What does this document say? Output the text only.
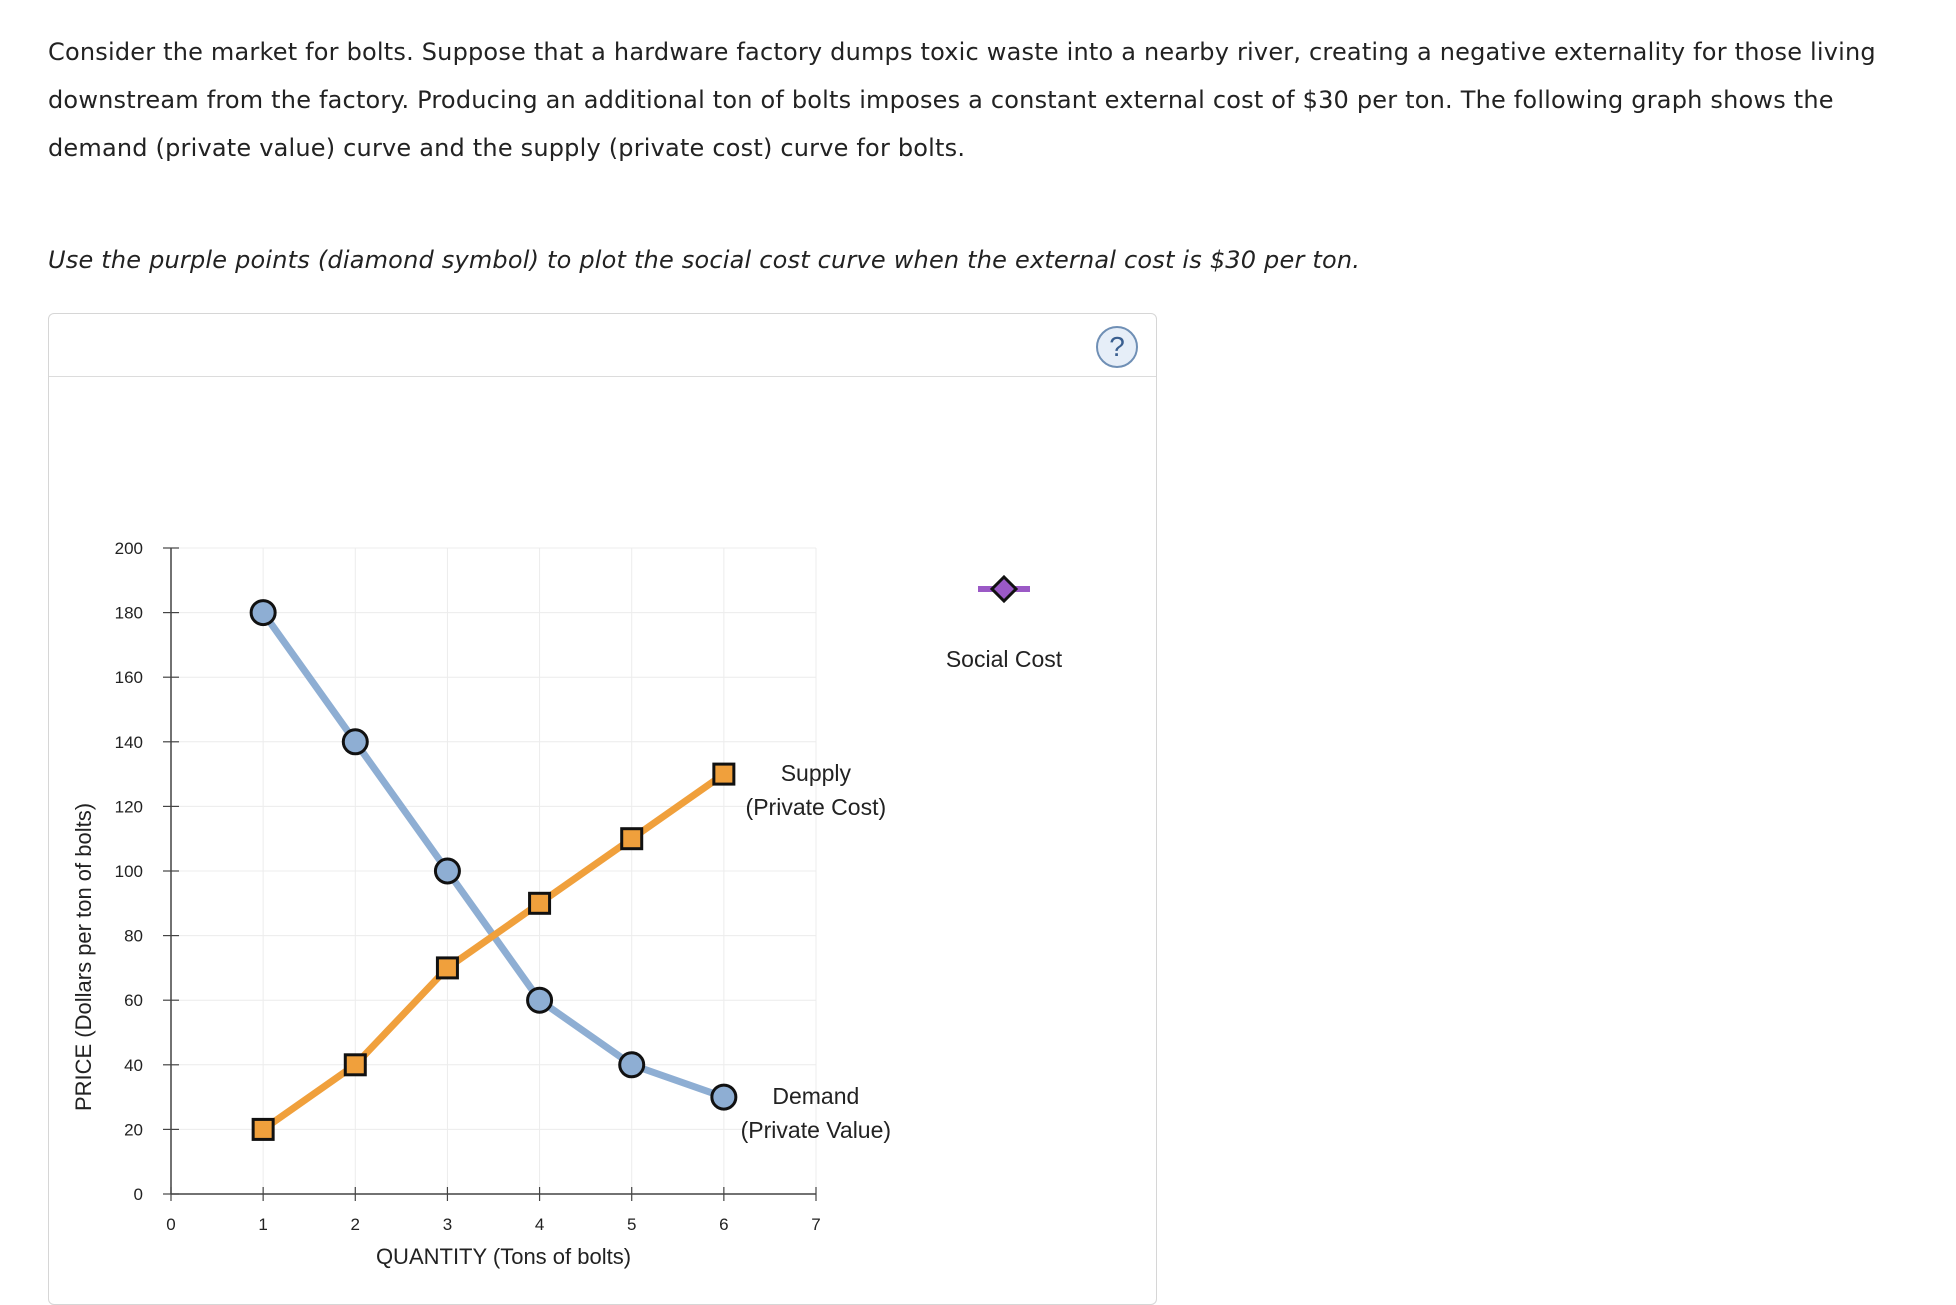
Consider the market for bolts. Suppose that a hardware factory dumps toxic waste into a nearby river, creating a negative externality for those living
downstream from the factory. Producing an additional ton of bolts imposes a constant external cost of $30 per ton. The following graph shows the
demand (private value) curve and the supply (private cost) curve for bolts.
Use the purple points (diamond symbol) to plot the social cost curve when the external cost is $30 per ton.
?
0
20
40
60
80
100
120
140
160
180
200
0	1	2	3	4	5	6	7
QUANTITY (Tons of bolts)
PRICE (Dollars per ton of bolts)	Demand
(Private Value)
Supply
(Private Cost)
Social Cost
